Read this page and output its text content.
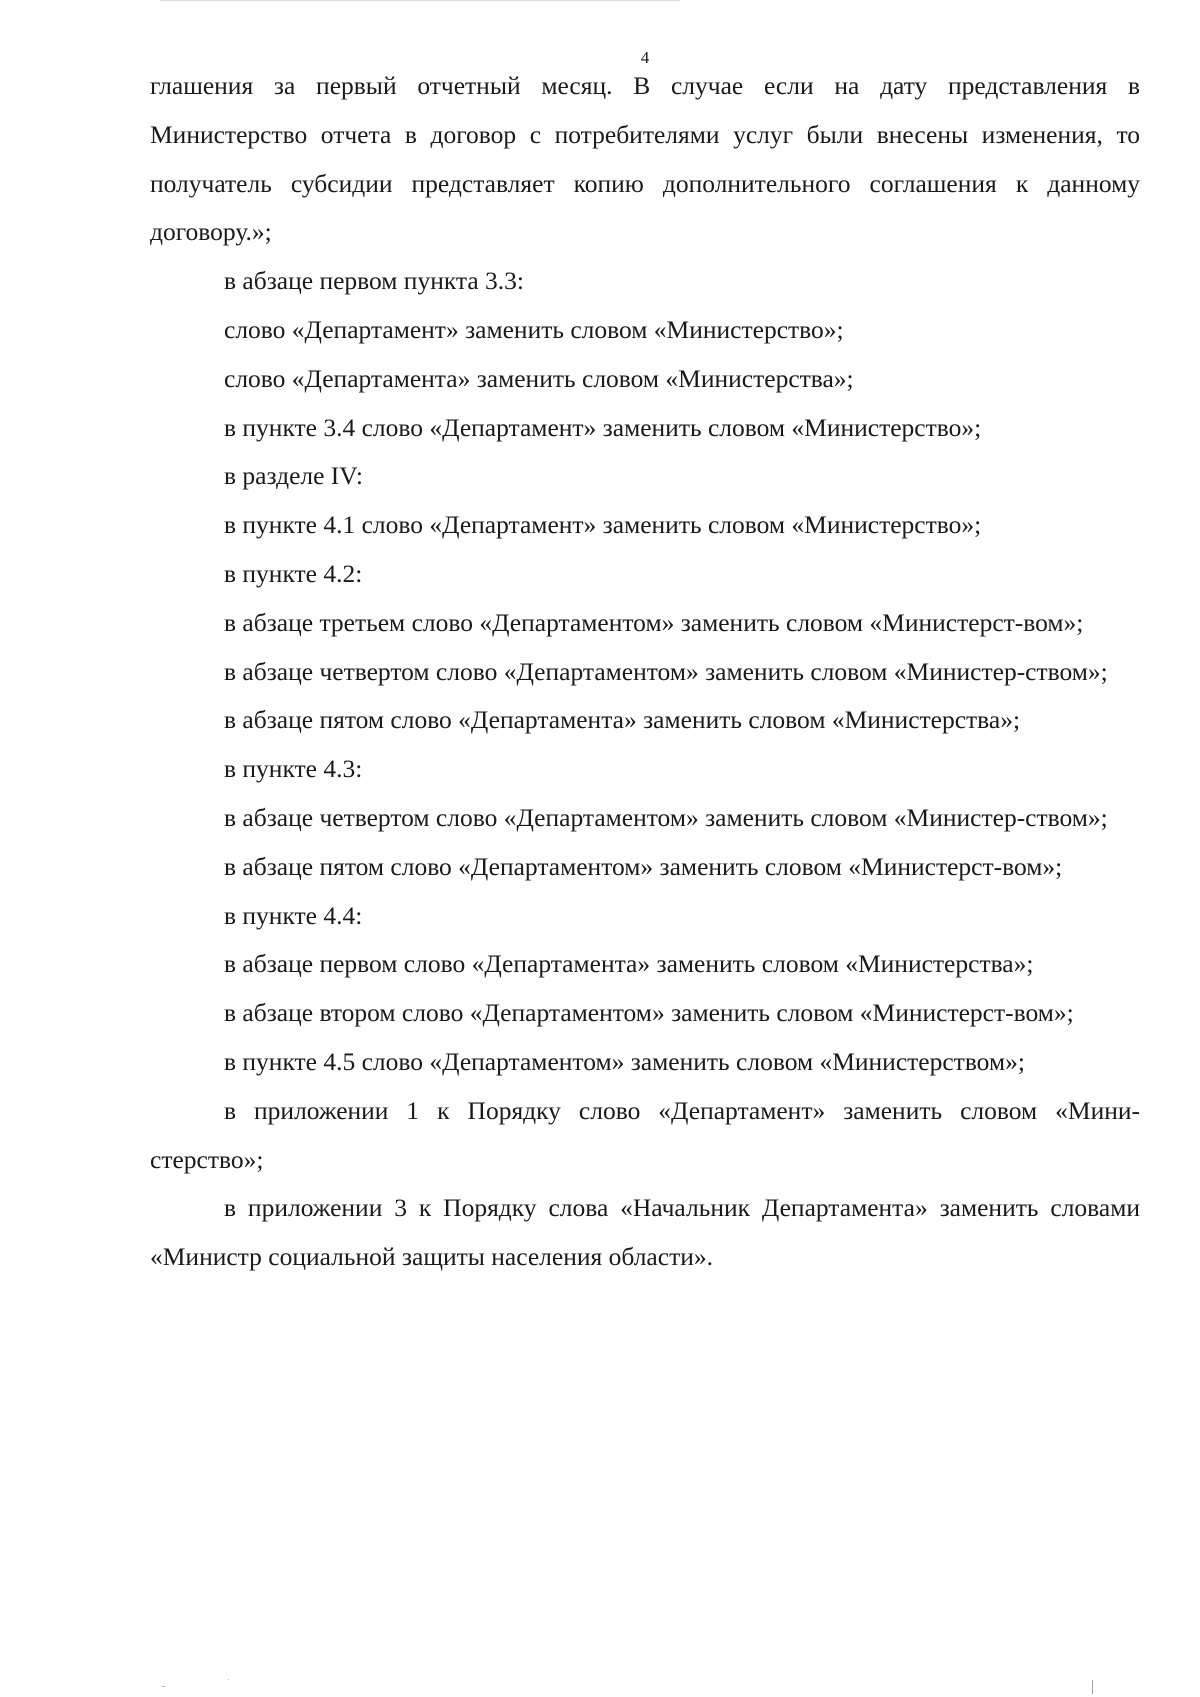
4

глашения за первый отчетный месяц. В случае если на дату представления в Министерство отчета в договор с потребителями услуг были внесены изменения, то получатель субсидии представляет копию дополнительного соглашения к данному договору.»;

в абзаце первом пункта 3.3:

слово «Департамент» заменить словом «Министерство»;

слово «Департамента» заменить словом «Министерства»;

в пункте 3.4 слово «Департамент» заменить словом «Министерство»;

в разделе IV:

в пункте 4.1 слово «Департамент» заменить словом «Министерство»;

в пункте 4.2:

в абзаце третьем слово «Департаментом» заменить словом «Министерст-вом»;

в абзаце четвертом слово «Департаментом» заменить словом «Министер-ством»;

в абзаце пятом слово «Департамента» заменить словом «Министерства»;

в пункте 4.3:

в абзаце четвертом слово «Департаментом» заменить словом «Министер-ством»;

в абзаце пятом слово «Департаментом» заменить словом «Министерст-вом»;

в пункте 4.4:

в абзаце первом слово «Департамента» заменить словом «Министерства»;

в абзаце втором слово «Департаментом» заменить словом «Министерст-вом»;

в пункте 4.5 слово «Департаментом» заменить словом «Министерством»;

в приложении 1 к Порядку слово «Департамент» заменить словом «Мини-стерство»;

в приложении 3 к Порядку слова «Начальник Департамента» заменить словами «Министр социальной защиты населения области».
